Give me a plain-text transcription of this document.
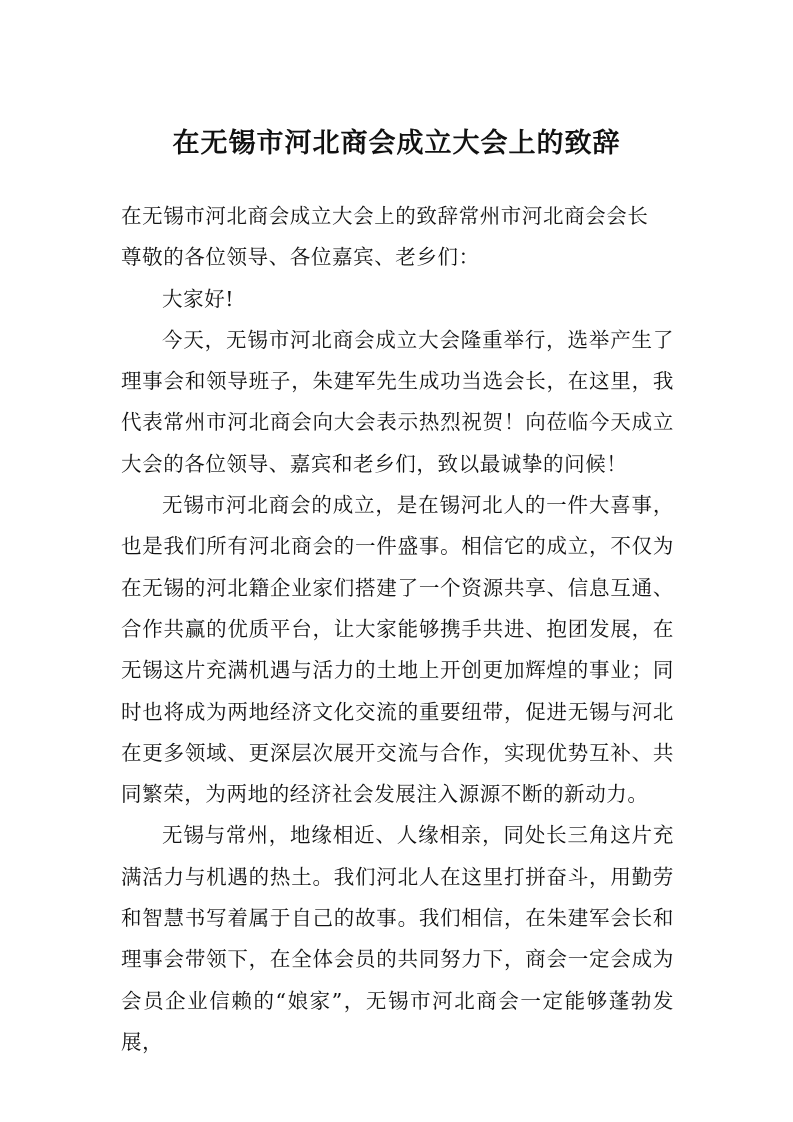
在无锡市河北商会成立大会上的致辞

在无锡市河北商会成立大会上的致辞常州市河北商会会长

尊敬的各位领导、各位嘉宾、老乡们：

大家好!

今天，无锡市河北商会成立大会隆重举行，选举产生了理事会和领导班子，朱建军先生成功当选会长，在这里，我代表常州市河北商会向大会表示热烈祝贺！向莅临今天成立大会的各位领导、嘉宾和老乡们，致以最诚挚的问候！

无锡市河北商会的成立，是在锡河北人的一件大喜事，也是我们所有河北商会的一件盛事。相信它的成立，不仅为在无锡的河北籍企业家们搭建了一个资源共享、信息互通、合作共赢的优质平台，让大家能够携手共进、抱团发展，在无锡这片充满机遇与活力的土地上开创更加辉煌的事业；同时也将成为两地经济文化交流的重要纽带，促进无锡与河北在更多领域、更深层次展开交流与合作，实现优势互补、共同繁荣，为两地的经济社会发展注入源源不断的新动力。

无锡与常州，地缘相近、人缘相亲，同处长三角这片充满活力与机遇的热土。我们河北人在这里打拼奋斗，用勤劳和智慧书写着属于自己的故事。我们相信，在朱建军会长和理事会带领下，在全体会员的共同努力下，商会一定会成为会员企业信赖的“娘家”，无锡市河北商会一定能够蓬勃发展，
